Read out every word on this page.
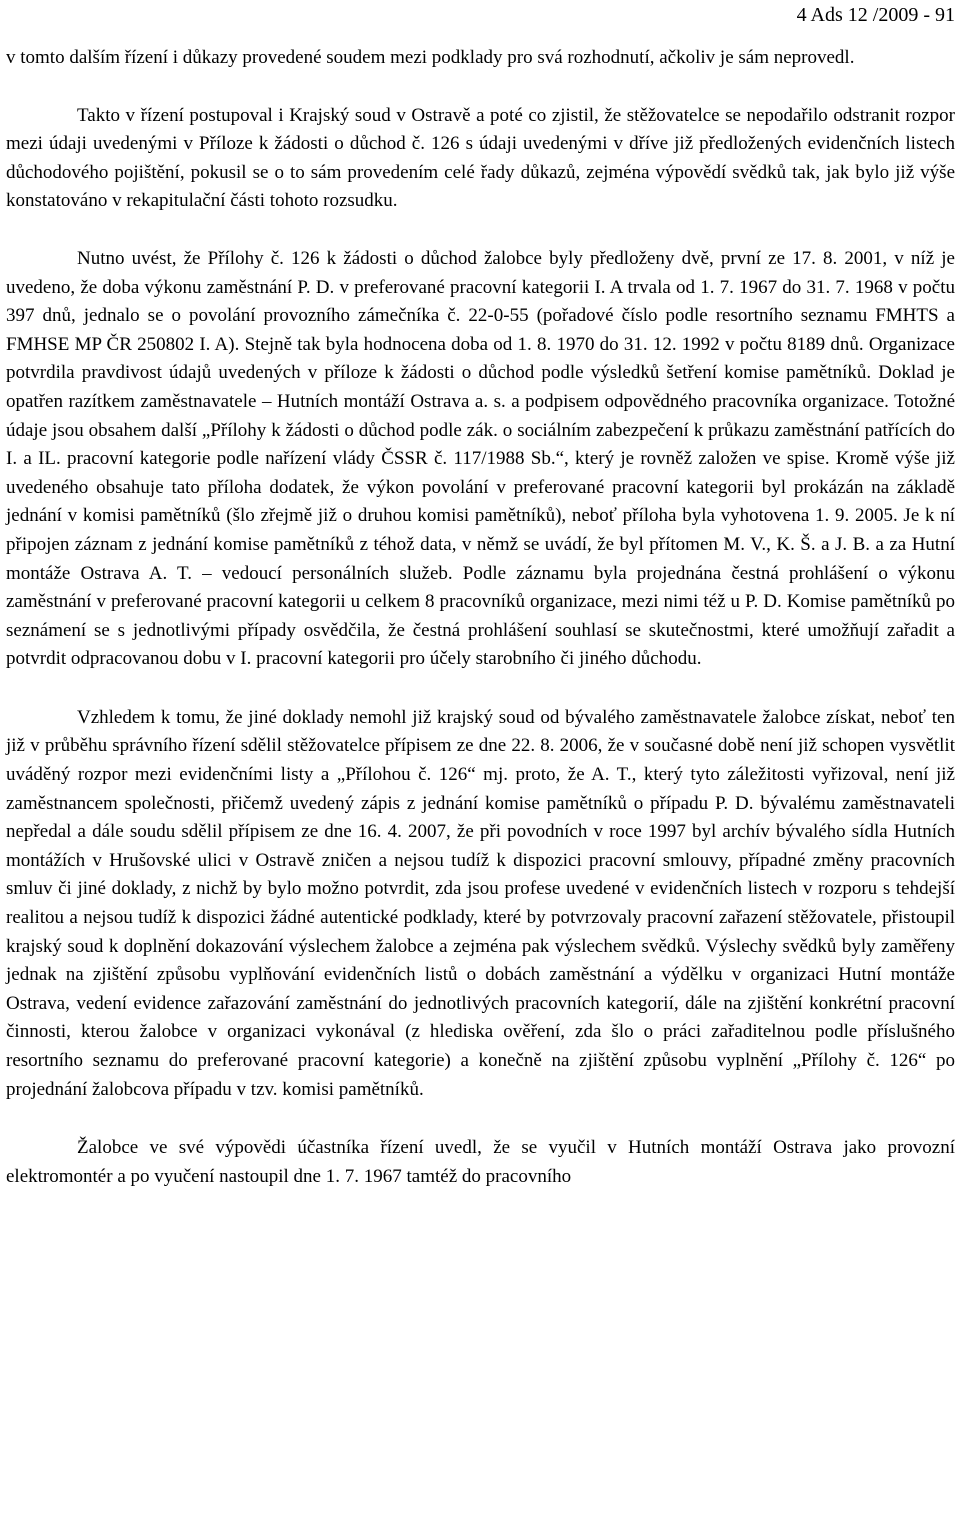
4 Ads 12 /2009 - 91

v tomto dalším řízení i důkazy provedené soudem mezi podklady pro svá rozhodnutí, ačkoliv je sám neprovedl.

Takto v řízení postupoval i Krajský soud v Ostravě a poté co zjistil, že stěžovatelce se nepodařilo odstranit rozpor mezi údaji uvedenými v Příloze k žádosti o důchod č. 126 s údaji uvedenými v dříve již předložených evidenčních listech důchodového pojištění, pokusil se o to sám provedením celé řady důkazů, zejména výpovědí svědků tak, jak bylo již výše konstatováno v rekapitulační části tohoto rozsudku.

Nutno uvést, že Přílohy č. 126 k žádosti o důchod žalobce byly předloženy dvě, první ze 17. 8. 2001, v níž je uvedeno, že doba výkonu zaměstnání P. D. v preferované pracovní kategorii I. A trvala od 1. 7. 1967 do 31. 7. 1968 v počtu 397 dnů, jednalo se o povolání provozního zámečníka č. 22-0-55 (pořadové číslo podle resortního seznamu FMHTS a FMHSE MP ČR 250802 I. A). Stejně tak byla hodnocena doba od 1. 8. 1970 do 31. 12. 1992 v počtu 8189 dnů. Organizace potvrdila pravdivost údajů uvedených v příloze k žádosti o důchod podle výsledků šetření komise pamětníků. Doklad je opatřen razítkem zaměstnavatele – Hutních montáží Ostrava a. s. a podpisem odpovědného pracovníka organizace. Totožné údaje jsou obsahem další „Přílohy k žádosti o důchod podle zák. o sociálním zabezpečení k průkazu zaměstnání patřících do I. a IL. pracovní kategorie podle nařízení vlády ČSSR č. 117/1988 Sb.“, který je rovněž založen ve spise. Kromě výše již uvedeného obsahuje tato příloha dodatek, že výkon povolání v preferované pracovní kategorii byl prokázán na základě jednání v komisi pamětníků (šlo zřejmě již o druhou komisi pamětníků), neboť příloha byla vyhotovena 1. 9. 2005. Je k ní připojen záznam z jednání komise pamětníků z téhož data, v němž se uvádí, že byl přítomen M. V., K. Š. a J. B. a za Hutní montáže Ostrava A. T. – vedoucí personálních služeb. Podle záznamu byla projednána čestná prohlášení o výkonu zaměstnání v preferované pracovní kategorii u celkem 8 pracovníků organizace, mezi nimi též u P. D. Komise pamětníků po seznámení se s jednotlivými případy osvědčila, že čestná prohlášení souhlasí se skutečnostmi, které umožňují zařadit a potvrdit odpracovanou dobu v I. pracovní kategorii pro účely starobního či jiného důchodu.

Vzhledem k tomu, že jiné doklady nemohl již krajský soud od bývalého zaměstnavatele žalobce získat, neboť ten již v průběhu správního řízení sdělil stěžovatelce přípisem ze dne 22. 8. 2006, že v současné době není již schopen vysvětlit uváděný rozpor mezi evidenčními listy a „Přílohou č. 126“ mj. proto, že A. T., který tyto záležitosti vyřizoval, není již zaměstnancem společnosti, přičemž uvedený zápis z jednání komise pamětníků o případu P. D. bývalému zaměstnavateli nepředal a dále soudu sdělil přípisem ze dne 16. 4. 2007, že při povodních v roce 1997 byl archív bývalého sídla Hutních montážích v Hrušovské ulici v Ostravě zničen a nejsou tudíž k dispozici pracovní smlouvy, případné změny pracovních smluv či jiné doklady, z nichž by bylo možno potvrdit, zda jsou profese uvedené v evidenčních listech v rozporu s tehdejší realitou a nejsou tudíž k dispozici žádné autentické podklady, které by potvrzovaly pracovní zařazení stěžovatele, přistoupil krajský soud k doplnění dokazování výslechem žalobce a zejména pak výslechem svědků. Výslechy svědků byly zaměřeny jednak na zjištění způsobu vyplňování evidenčních listů o dobách zaměstnání a výdělku v organizaci Hutní montáže Ostrava, vedení evidence zařazování zaměstnání do jednotlivých pracovních kategorií, dále na zjištění konkrétní pracovní činnosti, kterou žalobce v organizaci vykonával (z hlediska ověření, zda šlo o práci zařaditelnou podle příslušného resortního seznamu do preferované pracovní kategorie) a konečně na zjištění způsobu vyplnění „Přílohy č. 126“ po projednání žalobcova případu v tzv. komisi pamětníků.

Žalobce ve své výpovědi účastníka řízení uvedl, že se vyučil v Hutních montáží Ostrava jako provozní elektromontér a po vyučení nastoupil dne 1. 7. 1967 tamtéž do pracovního
